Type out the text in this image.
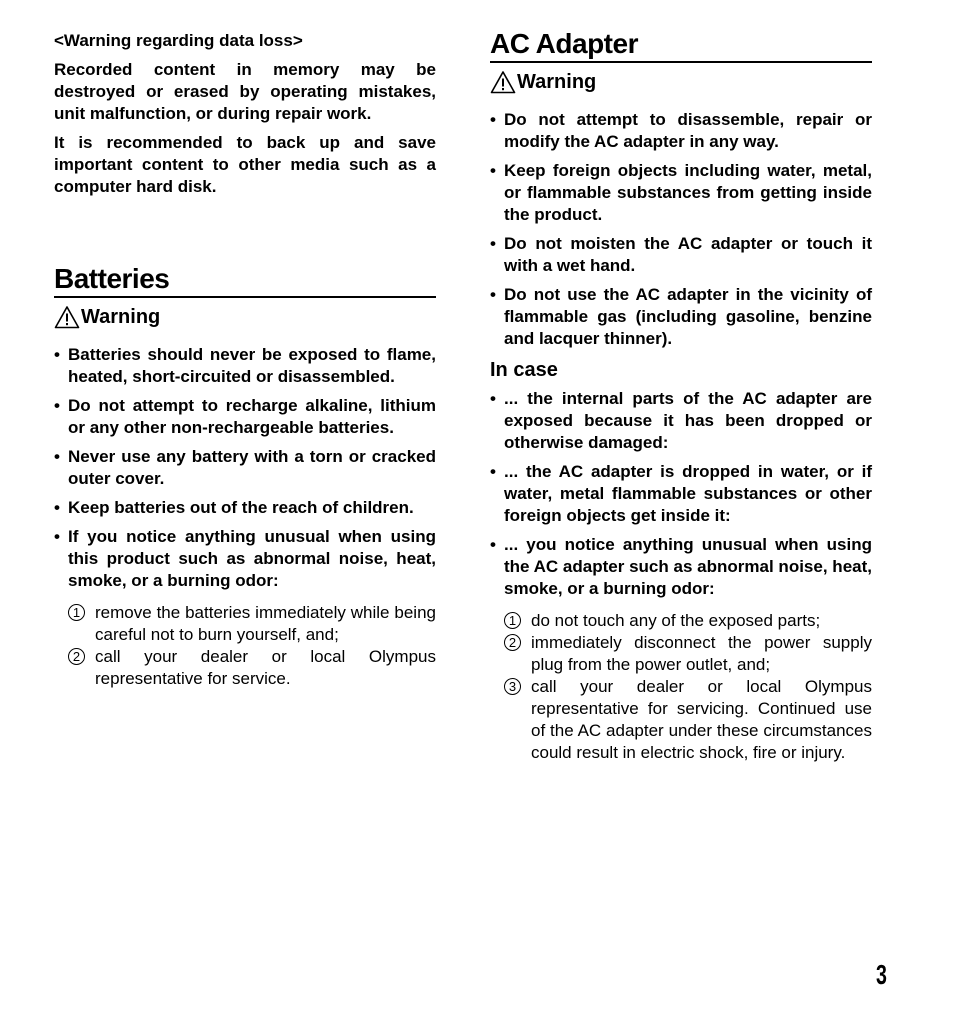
<Warning regarding data loss>

Recorded content in memory may be destroyed or erased by operating mistakes, unit malfunction, or during repair work.

It is recommended to back up and save important content to other media such as a computer hard disk.

Batteries
Warning
• Batteries should never be exposed to flame, heated, short-circuited or disassembled.
• Do not attempt to recharge alkaline, lithium or any other non-rechargeable batteries.
• Never use any battery with a torn or cracked outer cover.
• Keep batteries out of the reach of children.
• If you notice anything unusual when using this product such as abnormal noise, heat, smoke, or a burning odor:
1 remove the batteries immediately while being careful not to burn yourself, and;
2 call your dealer or local Olympus representative for service.
AC Adapter
Warning
• Do not attempt to disassemble, repair or modify the AC adapter in any way.
• Keep foreign objects including water, metal, or flammable substances from getting inside the product.
• Do not moisten the AC adapter or touch it with a wet hand.
• Do not use the AC adapter in the vicinity of flammable gas (including gasoline, benzine and lacquer thinner).
In case
• ... the internal parts of the AC adapter are exposed because it has been dropped or otherwise damaged:
• ... the AC adapter is dropped in water, or if water, metal flammable substances or other foreign objects get inside it:
• ... you notice anything unusual when using the AC adapter such as abnormal noise, heat, smoke, or a burning odor:
1 do not touch any of the exposed parts;
2 immediately disconnect the power supply plug from the power outlet, and;
3 call your dealer or local Olympus representative for servicing. Continued use of the AC adapter under these circumstances could result in electric shock, fire or injury.
3
